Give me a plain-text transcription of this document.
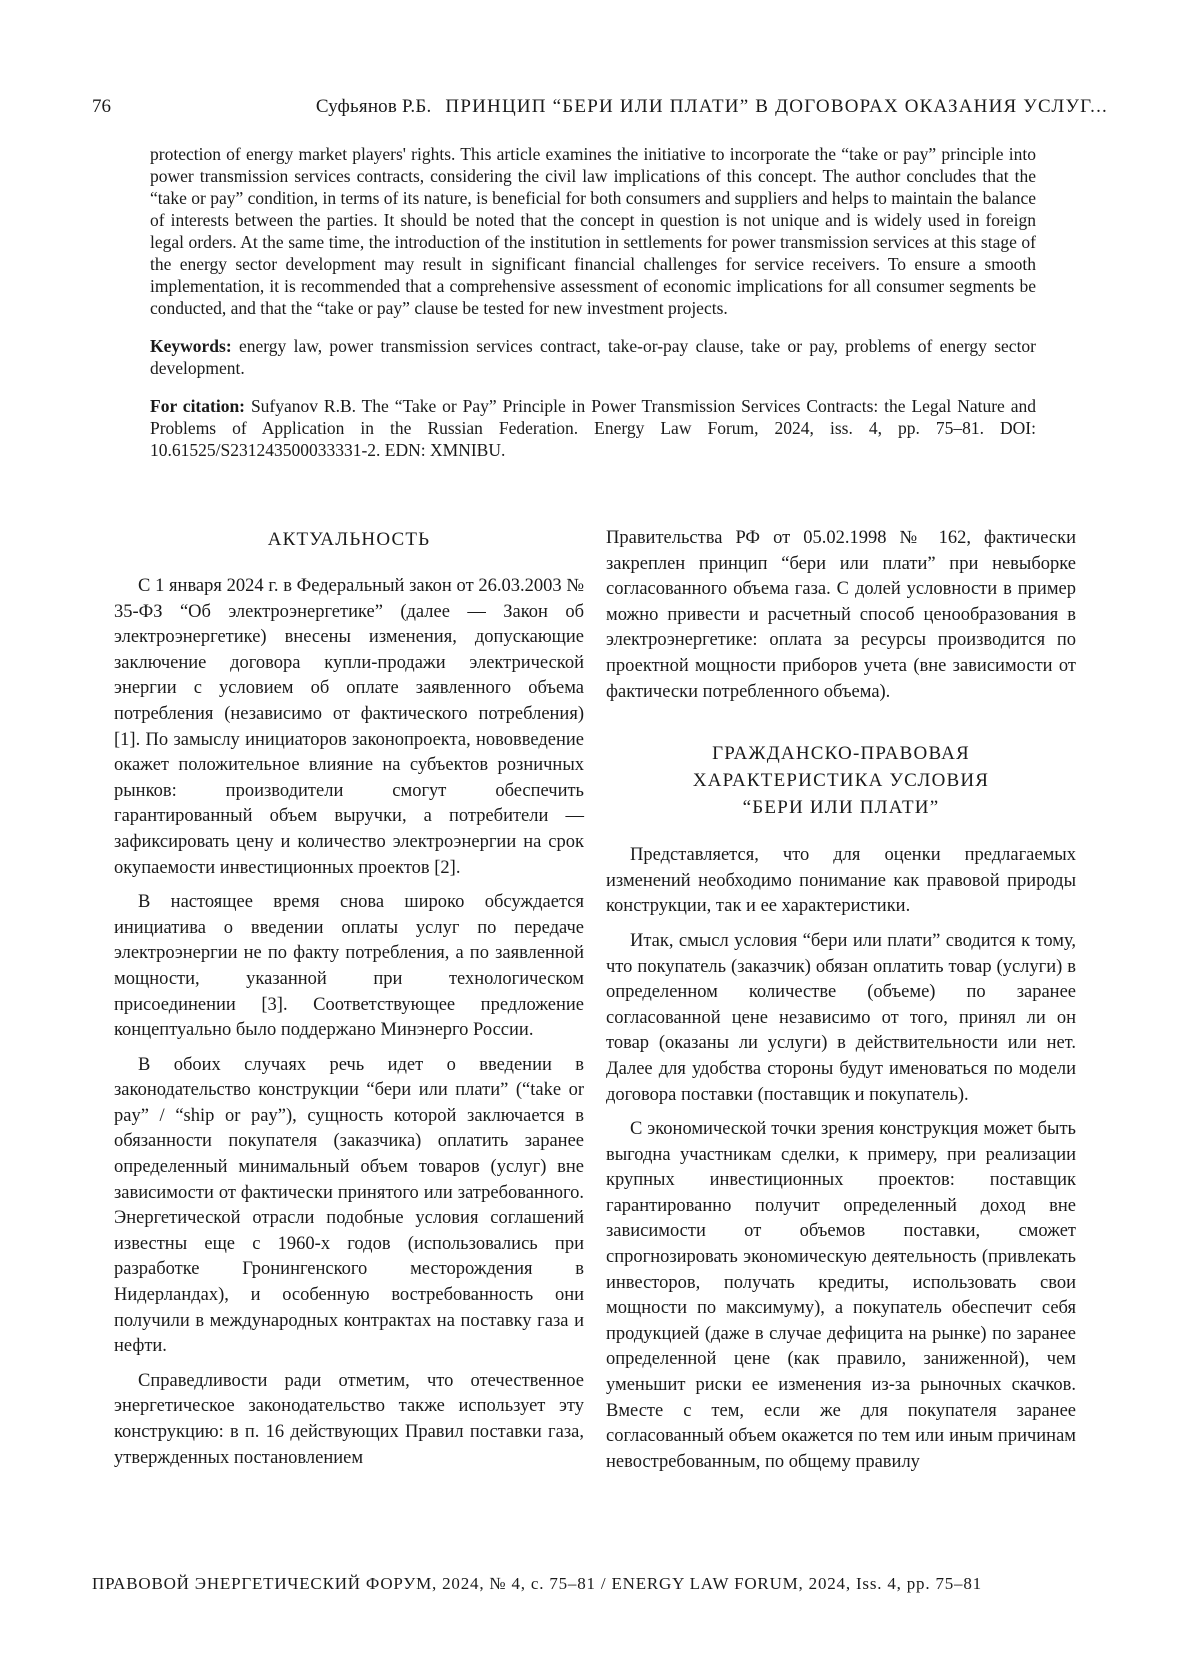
76	Суфьянов Р.Б. ПРИНЦИП “БЕРИ ИЛИ ПЛАТИ” В ДОГОВОРАХ ОКАЗАНИЯ УСЛУГ...

protection of energy market players' rights. This article examines the initiative to incorporate the “take or pay” principle into power transmission services contracts, considering the civil law implications of this concept. The author concludes that the “take or pay” condition, in terms of its nature, is beneficial for both consumers and suppliers and helps to maintain the balance of interests between the parties. It should be noted that the concept in question is not unique and is widely used in foreign legal orders. At the same time, the introduction of the institution in settlements for power transmission services at this stage of the energy sector development may result in significant financial challenges for service receivers. To ensure a smooth implementation, it is recommended that a comprehensive assessment of economic implications for all consumer segments be conducted, and that the “take or pay” clause be tested for new investment projects.

Keywords: energy law, power transmission services contract, take-or-pay clause, take or pay, problems of energy sector development.

For citation: Sufyanov R.B. The “Take or Pay” Principle in Power Transmission Services Contracts: the Legal Nature and Problems of Application in the Russian Federation. Energy Law Forum, 2024, iss. 4, pp. 75–81. DOI: 10.61525/S231243500033331-2. EDN: XMNIBU.

АКТУАЛЬНОСТЬ

С 1 января 2024 г. в Федеральный закон от 26.03.2003 № 35-ФЗ “Об электроэнергетике” (далее — Закон об электроэнергетике) внесены изменения, допускающие заключение договора купли-продажи электрической энергии с условием об оплате заявленного объема потребления (независимо от фактического потребления) [1]. По замыслу инициаторов законопроекта, нововведение окажет положительное влияние на субъектов розничных рынков: производители смогут обеспечить гарантированный объем выручки, а потребители — зафиксировать цену и количество электроэнергии на срок окупаемости инвестиционных проектов [2].

В настоящее время снова широко обсуждается инициатива о введении оплаты услуг по передаче электроэнергии не по факту потребления, а по заявленной мощности, указанной при технологическом присоединении [3]. Соответствующее предложение концептуально было поддержано Минэнерго России.

В обоих случаях речь идет о введении в законодательство конструкции “бери или плати” (“take or pay” / “ship or pay”), сущность которой заключается в обязанности покупателя (заказчика) оплатить заранее определенный минимальный объем товаров (услуг) вне зависимости от фактически принятого или затребованного. Энергетической отрасли подобные условия соглашений известны еще с 1960-х годов (использовались при разработке Гронингенского месторождения в Нидерландах), и особенную востребованность они получили в международных контрактах на поставку газа и нефти.

Справедливости ради отметим, что отечественное энергетическое законодательство также использует эту конструкцию: в п. 16 действующих Правил поставки газа, утвержденных постановлением

Правительства РФ от 05.02.1998 № 162, фактически закреплен принцип “бери или плати” при невыборке согласованного объема газа. С долей условности в пример можно привести и расчетный способ ценообразования в электроэнергетике: оплата за ресурсы производится по проектной мощности приборов учета (вне зависимости от фактически потребленного объема).

ГРАЖДАНСКО-ПРАВОВАЯ
ХАРАКТЕРИСТИКА УСЛОВИЯ
“БЕРИ ИЛИ ПЛАТИ”

Представляется, что для оценки предлагаемых изменений необходимо понимание как правовой природы конструкции, так и ее характеристики.

Итак, смысл условия “бери или плати” сводится к тому, что покупатель (заказчик) обязан оплатить товар (услуги) в определенном количестве (объеме) по заранее согласованной цене независимо от того, принял ли он товар (оказаны ли услуги) в действительности или нет. Далее для удобства стороны будут именоваться по модели договора поставки (поставщик и покупатель).

С экономической точки зрения конструкция может быть выгодна участникам сделки, к примеру, при реализации крупных инвестиционных проектов: поставщик гарантированно получит определенный доход вне зависимости от объемов поставки, сможет спрогнозировать экономическую деятельность (привлекать инвесторов, получать кредиты, использовать свои мощности по максимуму), а покупатель обеспечит себя продукцией (даже в случае дефицита на рынке) по заранее определенной цене (как правило, заниженной), чем уменьшит риски ее изменения из-за рыночных скачков. Вместе с тем, если же для покупателя заранее согласованный объем окажется по тем или иным причинам невостребованным, по общему правилу

ПРАВОВОЙ ЭНЕРГЕТИЧЕСКИЙ ФОРУМ, 2024, № 4, с. 75–81 / ENERGY LAW FORUM, 2024, Iss. 4, pp. 75–81
